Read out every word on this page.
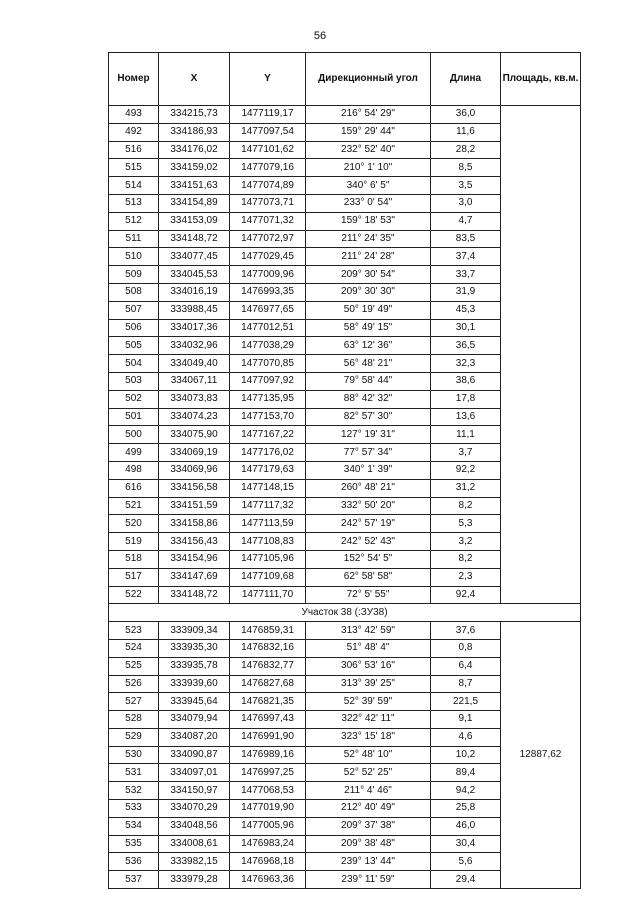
56
Номер	X	Y	Дирекционный угол	Длина	Площадь, кв.м.
493	334215,73	1477119,17	216° 54' 29"	36,0	
492	334186,93	1477097,54	159° 29' 44"	11,6	
516	334176,02	1477101,62	232° 52' 40"	28,2	
515	334159,02	1477079,16	210° 1' 10"	8,5	
514	334151,63	1477074,89	340° 6' 5"	3,5	
513	334154,89	1477073,71	233° 0' 54"	3,0	
512	334153,09	1477071,32	159° 18' 53"	4,7	
511	334148,72	1477072,97	211° 24' 35"	83,5	
510	334077,45	1477029,45	211° 24' 28"	37,4	
509	334045,53	1477009,96	209° 30' 54"	33,7	
508	334016,19	1476993,35	209° 30' 30"	31,9	
507	333988,45	1476977,65	50° 19' 49"	45,3	
506	334017,36	1477012,51	58° 49' 15"	30,1	
505	334032,96	1477038,29	63° 12' 36"	36,5	
504	334049,40	1477070,85	56° 48' 21"	32,3	
503	334067,11	1477097,92	79° 58' 44"	38,6	
502	334073,83	1477135,95	88° 42' 32"	17,8	
501	334074,23	1477153,70	82° 57' 30"	13,6	
500	334075,90	1477167,22	127° 19' 31"	11,1	
499	334069,19	1477176,02	77° 57' 34"	3,7	
498	334069,96	1477179,63	340° 1' 39"	92,2	
616	334156,58	1477148,15	260° 48' 21"	31,2	
521	334151,59	1477117,32	332° 50' 20"	8,2	
520	334158,86	1477113,59	242° 57' 19"	5,3	
519	334156,43	1477108,83	242° 52' 43"	3,2	
518	334154,96	1477105,96	152° 54' 5"	8,2	
517	334147,69	1477109,68	62° 58' 58"	2,3	
522	334148,72	1477111,70	72° 5' 55"	92,4	
Участок 38 (:ЗУ38)					
523	333909,34	1476859,31	313° 42' 59"	37,6	12887,62
524	333935,30	1476832,16	51° 48' 4"	0,8	
525	333935,78	1476832,77	306° 53' 16"	6,4	
526	333939,60	1476827,68	313° 39' 25"	8,7	
527	333945,64	1476821,35	52° 39' 59"	221,5	
528	334079,94	1476997,43	322° 42' 11"	9,1	
529	334087,20	1476991,90	323° 15' 18"	4,6	
530	334090,87	1476989,16	52° 48' 10"	10,2	
531	334097,01	1476997,25	52° 52' 25"	89,4	
532	334150,97	1477068,53	211° 4' 46"	94,2	
533	334070,29	1477019,90	212° 40' 49"	25,8	
534	334048,56	1477005,96	209° 37' 38"	46,0	
535	334008,61	1476983,24	209° 38' 48"	30,4	
536	333982,15	1476968,18	239° 13' 44"	5,6	
537	333979,28	1476963,36	239° 11' 59"	29,4	
